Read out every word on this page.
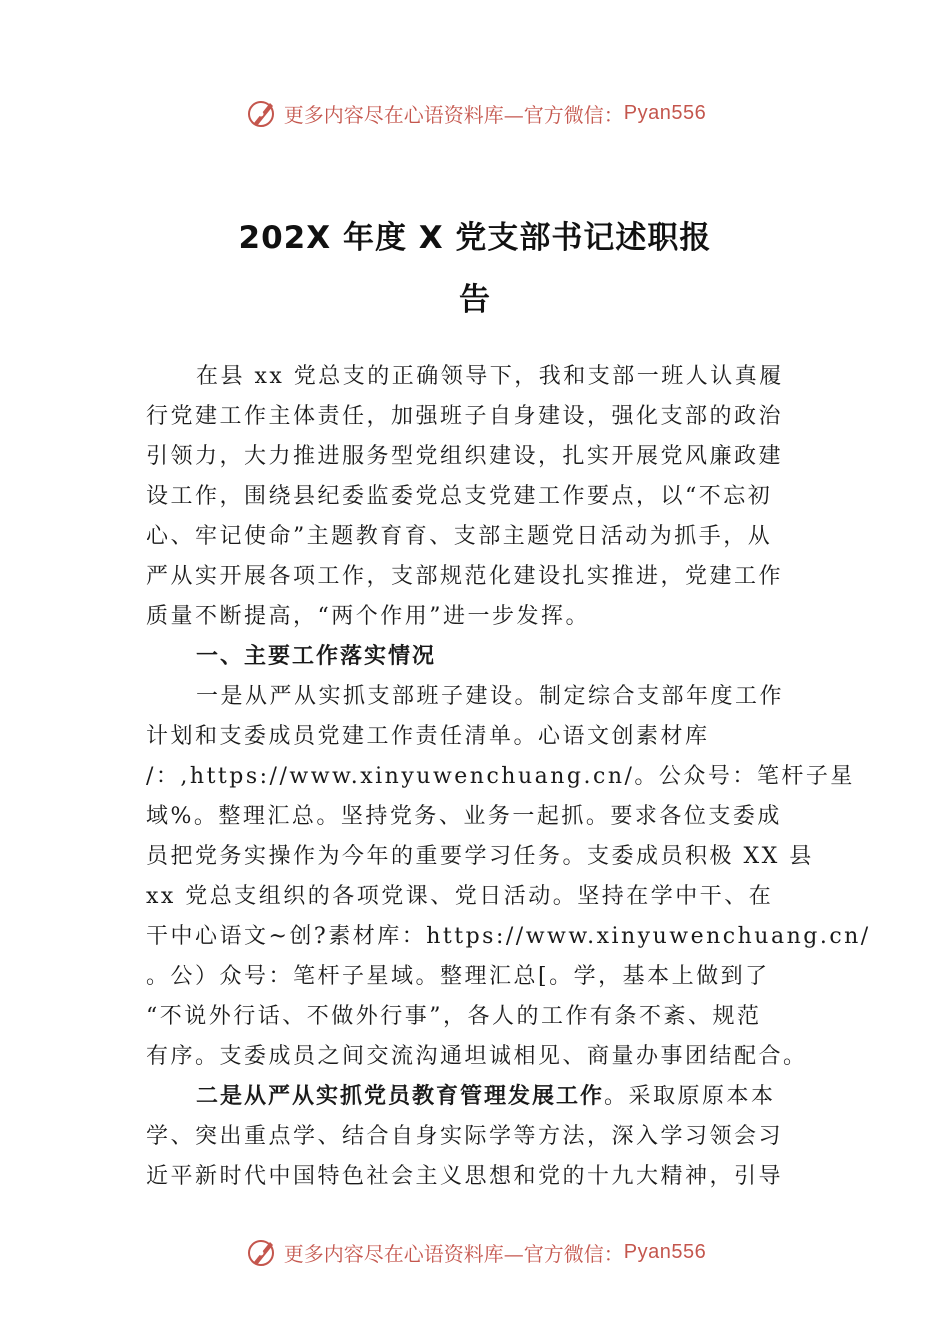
更多内容尽在心语资料库—官方微信： Pyan556
202X 年度 X 党支部书记述职报
告
在县 xx 党总支的正确领导下，我和支部一班人认真履
行党建工作主体责任，加强班子自身建设，强化支部的政治
引领力，大力推进服务型党组织建设，扎实开展党风廉政建
设工作，围绕县纪委监委党总支党建工作要点，以“不忘初
心、牢记使命”主题教育育、支部主题党日活动为抓手，从
严从实开展各项工作，支部规范化建设扎实推进，党建工作
质量不断提高，“两个作用”进一步发挥。
一、主要工作落实情况
一是从严从实抓支部班子建设。制定综合支部年度工作
计划和支委成员党建工作责任清单。心语文创素材库
/：,https://www.xinyuwenchuang.cn/。公众号：笔杆子星
域%。整理汇总。坚持党务、业务一起抓。要求各位支委成
员把党务实操作为今年的重要学习任务。支委成员积极 XX 县
xx 党总支组织的各项党课、党日活动。坚持在学中干、在
干中心语文~创?素材库：https://www.xinyuwenchuang.cn/
。公）众号：笔杆子星域。整理汇总[。学，基本上做到了
“不说外行话、不做外行事”，各人的工作有条不紊、规范
有序。支委成员之间交流沟通坦诚相见、商量办事团结配合。
二是从严从实抓党员教育管理发展工作。采取原原本本
学、突出重点学、结合自身实际学等方法，深入学习领会习
近平新时代中国特色社会主义思想和党的十九大精神，引导
更多内容尽在心语资料库—官方微信： Pyan556
